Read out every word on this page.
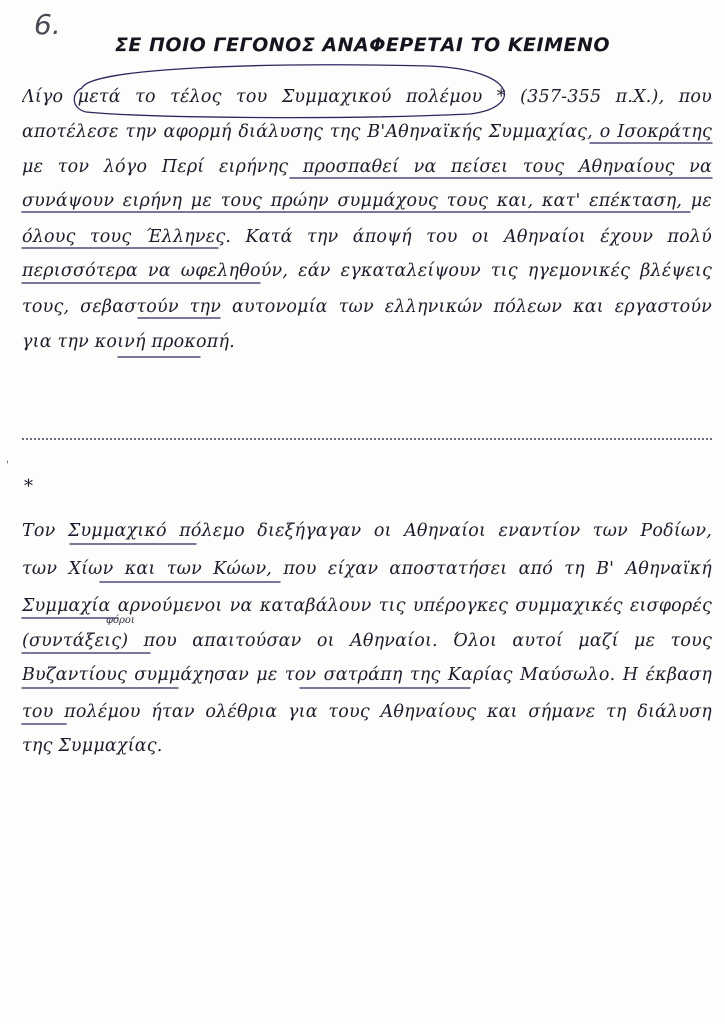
6.
ΣΕ ΠΟΙΟ ΓΕΓΟΝΟΣ ΑΝΑΦΕΡΕΤΑΙ ΤΟ ΚΕΙΜΕΝΟ
Λίγο μετά το τέλος του Συμμαχικού πολέμου * (357-355 π.Χ.), που
αποτέλεσε την αφορμή διάλυσης της Β'Αθηναϊκής Συμμαχίας, ο Ισοκράτης
με τον λόγο Περί ειρήνης προσπαθεί να πείσει τους Αθηναίους να
συνάψουν ειρήνη με τους πρώην συμμάχους τους και, κατ' επέκταση, με
όλους τους Έλληνες. Κατά την άποψή του οι Αθηναίοι έχουν πολύ
περισσότερα να ωφεληθούν, εάν εγκαταλείψουν τις ηγεμονικές βλέψεις
τους, σεβαστούν την αυτονομία των ελληνικών πόλεων και εργαστούν
για την κοινή προκοπή.
'
*
Τον Συμμαχικό πόλεμο διεξήγαγαν οι Αθηναίοι εναντίον των Ροδίων,
των Χίων και των Κώων, που είχαν αποστατήσει από τη Β' Αθηναϊκή
Συμμαχία αρνούμενοι να καταβάλουν τις υπέρογκες συμμαχικές εισφορές
(συντάξεις) που απαιτούσαν οι Αθηναίοι. Όλοι αυτοί μαζί με τους
Βυζαντίους συμμάχησαν με τον σατράπη της Καρίας Μαύσωλο. Η έκβαση
του πολέμου ήταν ολέθρια για τους Αθηναίους και σήμανε τη διάλυση
της Συμμαχίας.
φόροι
